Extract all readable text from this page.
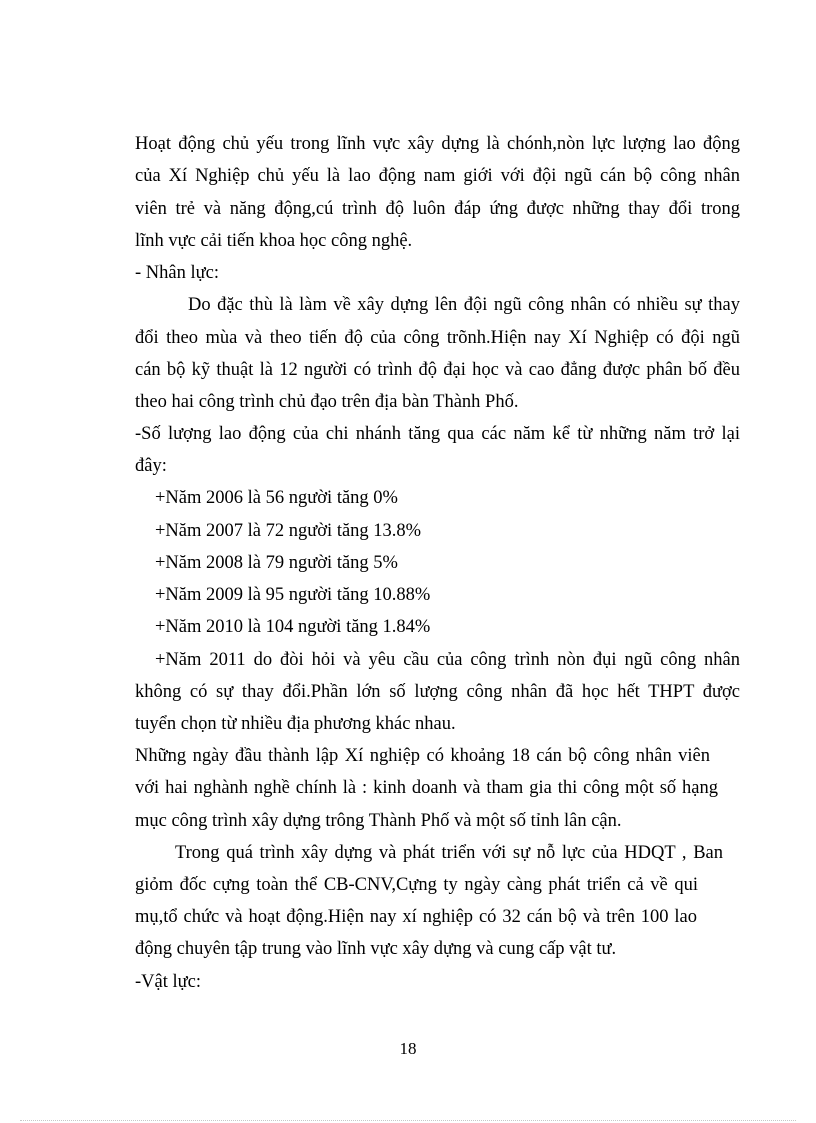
Hoạt động chủ yếu trong lĩnh vực xây dựng là chónh,nòn lực lượng lao động
của Xí Nghiệp chủ yếu là lao động nam giới với đội ngũ cán bộ công nhân
viên trẻ và năng động,cú trình độ luôn đáp ứng được những thay đổi trong
lĩnh vực cải tiến khoa học công nghệ.
- Nhân lực:
Do đặc thù là làm về xây dựng lên đội ngũ công nhân có nhiều sự thay
đổi theo mùa và theo tiến độ của công trõnh.Hiện nay Xí Nghiệp có đội ngũ
cán bộ kỹ thuật là 12 người có trình độ đại học và cao đẳng được phân bố đều
theo hai công trình chủ đạo trên địa bàn Thành Phố.
-Số lượng lao động của chi nhánh tăng qua các năm kể từ những năm trở lại
đây:
+Năm 2006 là 56 người tăng 0%
+Năm 2007 là 72 người tăng 13.8%
+Năm 2008 là 79 người tăng 5%
+Năm 2009 là 95 người tăng 10.88%
+Năm 2010 là 104 người tăng 1.84%
+Năm 2011 do đòi hỏi và yêu cầu của công trình nòn đụi ngũ công nhân
không có sự thay đổi.Phần lớn số lượng công nhân đã học hết THPT được
tuyển chọn từ nhiều địa phương khác nhau.
Những ngày đầu thành lập Xí nghiệp có khoảng 18 cán bộ công nhân viên
với hai nghành nghề chính là : kinh doanh và tham gia thi công một số hạng
mục công trình xây dựng trông Thành Phố và một số tỉnh lân cận.
Trong quá trình xây dựng và phát triển với sự nỗ lực của HDQT , Ban
giỏm đốc cựng toàn thể CB-CNV,Cựng ty ngày càng phát triển cả về qui
mụ,tổ chức và hoạt động.Hiện nay xí nghiệp có 32 cán bộ và trên 100 lao
động chuyên tập trung vào lĩnh vực xây dựng và cung cấp vật tư.
-Vật lực:
18
